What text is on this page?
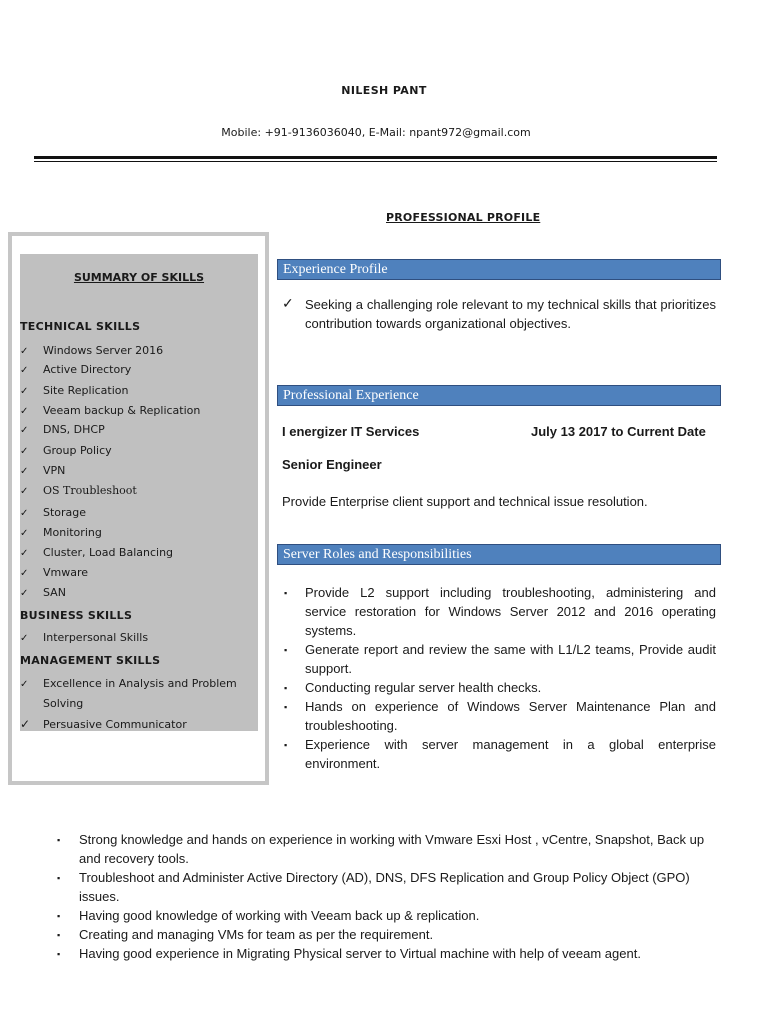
NILESH PANT
Mobile: +91-9136036040, E-Mail: npant972@gmail.com
PROFESSIONAL PROFILE
SUMMARY OF SKILLS
TECHNICAL SKILLS
✓ Windows Server 2016
✓ Active Directory
✓ Site Replication
✓ Veeam backup & Replication
✓ DNS, DHCP
✓ Group Policy
✓ VPN
✓ OS Troubleshoot
✓ Storage
✓ Monitoring
✓ Cluster, Load Balancing
✓ Vmware
✓ SAN
BUSINESS SKILLS
✓ Interpersonal Skills
MANAGEMENT SKILLS
✓ Excellence in Analysis and Problem
Solving
✓ Persuasive Communicator
Experience Profile
✓ Seeking a challenging role relevant to my technical skills that prioritizes contribution towards organizational objectives.
Professional Experience
I energizer IT Services	July 13 2017 to Current Date
Senior Engineer
Provide Enterprise client support and technical issue resolution.
Server Roles and Responsibilities
▪ Provide L2 support including troubleshooting, administering and service restoration for Windows Server 2012 and 2016 operating systems.
▪ Generate report and review the same with L1/L2 teams, Provide audit support.
▪ Conducting regular server health checks.
▪ Hands on experience of Windows Server Maintenance Plan and troubleshooting.
▪ Experience with server management in a global enterprise environment.
▪ Strong knowledge and hands on experience in working with Vmware Esxi Host , vCentre, Snapshot, Back up and recovery tools.
▪ Troubleshoot and Administer Active Directory (AD), DNS, DFS Replication and Group Policy Object (GPO) issues.
▪ Having good knowledge of working with Veeam back up & replication.
▪ Creating and managing VMs for team as per the requirement.
▪ Having good experience in Migrating Physical server to Virtual machine with help of veeam agent.
